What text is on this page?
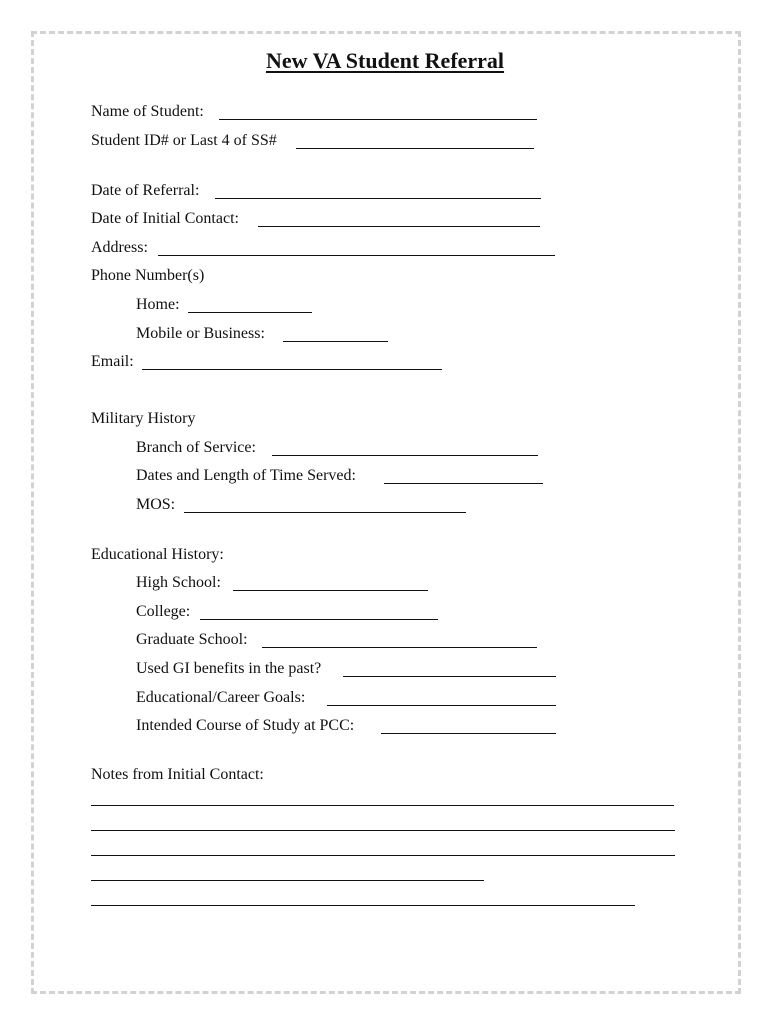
New VA Student Referral
Name of Student:
Student ID# or Last 4 of SS#
Date of Referral:
Date of Initial Contact:
Address:
Phone Number(s)
Home:
Mobile or Business:
Email:
Military History
Branch of Service:
Dates and Length of Time Served:
MOS:
Educational History:
High School:
College:
Graduate School:
Used GI benefits in the past?
Educational/Career Goals:
Intended Course of Study at PCC:
Notes from Initial Contact:
